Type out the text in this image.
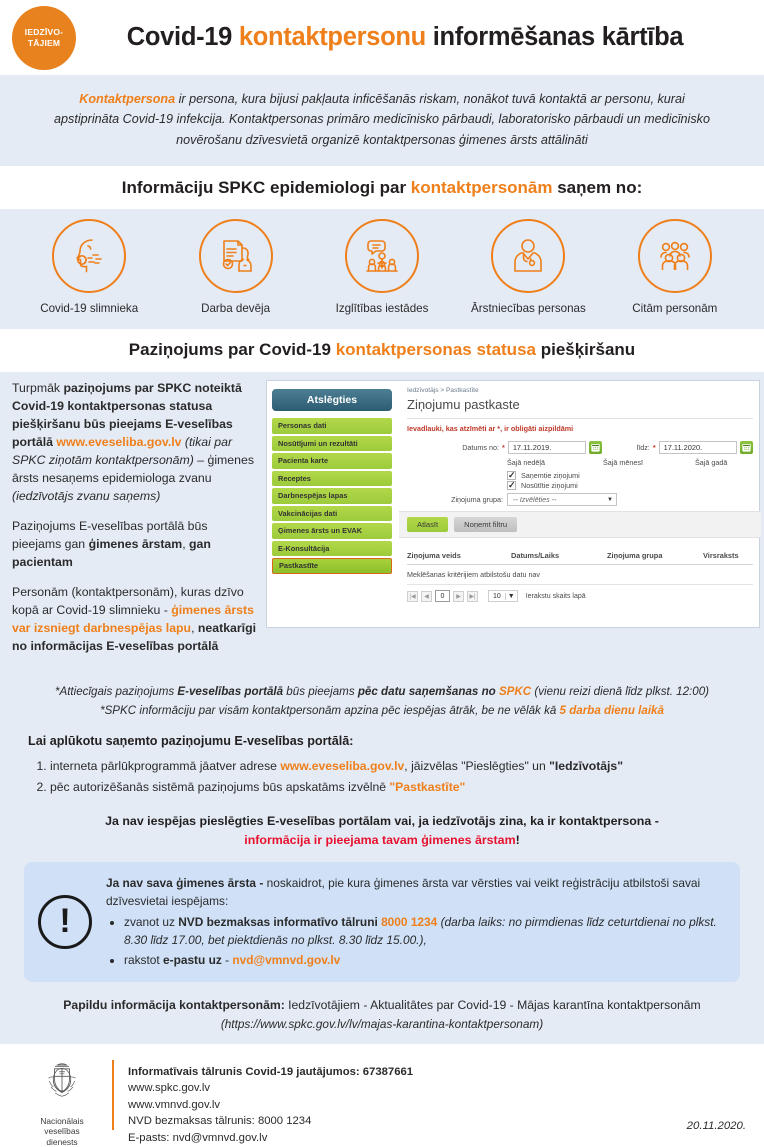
IEDZĪVO-
TĀJIEM	Covid-19 kontaktpersonu informēšanas kārtība
Kontaktpersona ir persona, kura bijusi pakļauta inficēšanās riskam, nonākot tuvā kontaktā ar personu, kurai apstiprināta Covid-19 infekcija. Kontaktpersonas primāro medicīnisko pārbaudi, laboratorisko pārbaudi un medicīnisko novērošanu dzīvesvietā organizē kontaktpersonas ģimenes ārsts attālināti
Informāciju SPKC epidemiologi par kontaktpersonām saņem no:
Covid-19 slimnieka	Darba devēja	Izglītības iestādes	Ārstniecības personas	Citām personām
Paziņojums par Covid-19 kontaktpersonas statusa piešķiršanu

Turpmāk paziņojums par SPKC noteiktā Covid-19 kontaktpersonas statusa piešķiršanu būs pieejams E-veselības portālā www.eveseliba.gov.lv (tikai par SPKC ziņotām kontaktpersonām) – ģimenes ārsts nesaņems epidemiologa zvanu (iedzīvotājs zvanu saņems)

Paziņojums E-veselības portālā būs pieejams gan ģimenes ārstam, gan pacientam

Personām (kontaktpersonām), kuras dzīvo kopā ar Covid-19 slimnieku - ģimenes ārsts var izsniegt darbnespējas lapu, neatkarīgi no informācijas E-veselības portālā

Atslēgties
Personas dati
Nosūtījumi un rezultāti
Pacienta karte
Receptes
Darbnespējas lapas
Vakcinācijas dati
Ģimenes ārsts un EVAK
E-Konsultācija
Pastkastīte
Iedzīvotājs > Pastkastīte
Ziņojumu pastkaste
Ievadlauki, kas atzīmēti ar *, ir obligāti aizpildāmi
Datums no: *	17.11.2019.	līdz: *	17.11.2020.
Šajā nedēļā	Šajā mēnesī	Šajā gadā
✓
Saņemtie ziņojumi
✓
Nosūtītie ziņojumi
Ziņojuma grupa: -- Izvēlēties --	▼
Atlasīt	Noņemt filtru
Ziņojuma veids	Datums/Laiks	Ziņojuma grupa	Virsraksts
Meklēšanas kritērijiem atbilstošu datu nav
|◀	◀	0	▶	▶|	10	▼ Ierakstu skaits lapā
*Attiecīgais paziņojums E-veselības portālā būs pieejams pēc datu saņemšanas no SPKC (vienu reizi dienā līdz plkst. 12:00)
*SPKC informāciju par visām kontaktpersonām apzina pēc iespējas ātrāk, be ne vēlāk kā 5 darba dienu laikā
Lai aplūkotu saņemto paziņojumu E-veselības portālā:
1. interneta pārlūkprogrammā jāatver adrese www.eveseliba.gov.lv, jāizvēlas "Pieslēgties" un "Iedzīvotājs"
2. pēc autorizēšanās sistēmā paziņojums būs apskatāms izvēlnē "Pastkastīte"
Ja nav iespējas pieslēgties E-veselības portālam vai, ja iedzīvotājs zina, ka ir kontaktpersona -
informācija ir pieejama tavam ģimenes ārstam!
!
Ja nav sava ģimenes ārsta - noskaidrot, pie kura ģimenes ārsta var vērsties vai veikt reģistrāciju atbilstoši savai dzīvesvietai iespējams:
• zvanot uz NVD bezmaksas informatīvo tālruni 8000 1234 (darba laiks: no pirmdienas līdz ceturtdienai no plkst. 8.30 līdz 17.00, bet piektdienās no plkst. 8.30 līdz 15.00.),
• rakstot e-pastu uz - nvd@vmnvd.gov.lv
Papildu informācija kontaktpersonām: Iedzīvotājiem - Aktualitātes par Covid-19 - Mājas karantīna kontaktpersonām
(https://www.spkc.gov.lv/lv/majas-karantina-kontaktpersonam)
Nacionālais veselības
dienests
Informatīvais tālrunis Covid-19 jautājumos: 67387661
www.spkc.gov.lv
www.vmnvd.gov.lv
NVD bezmaksas tālrunis: 8000 1234
E-pasts: nvd@vmnvd.gov.lv
20.11.2020.
